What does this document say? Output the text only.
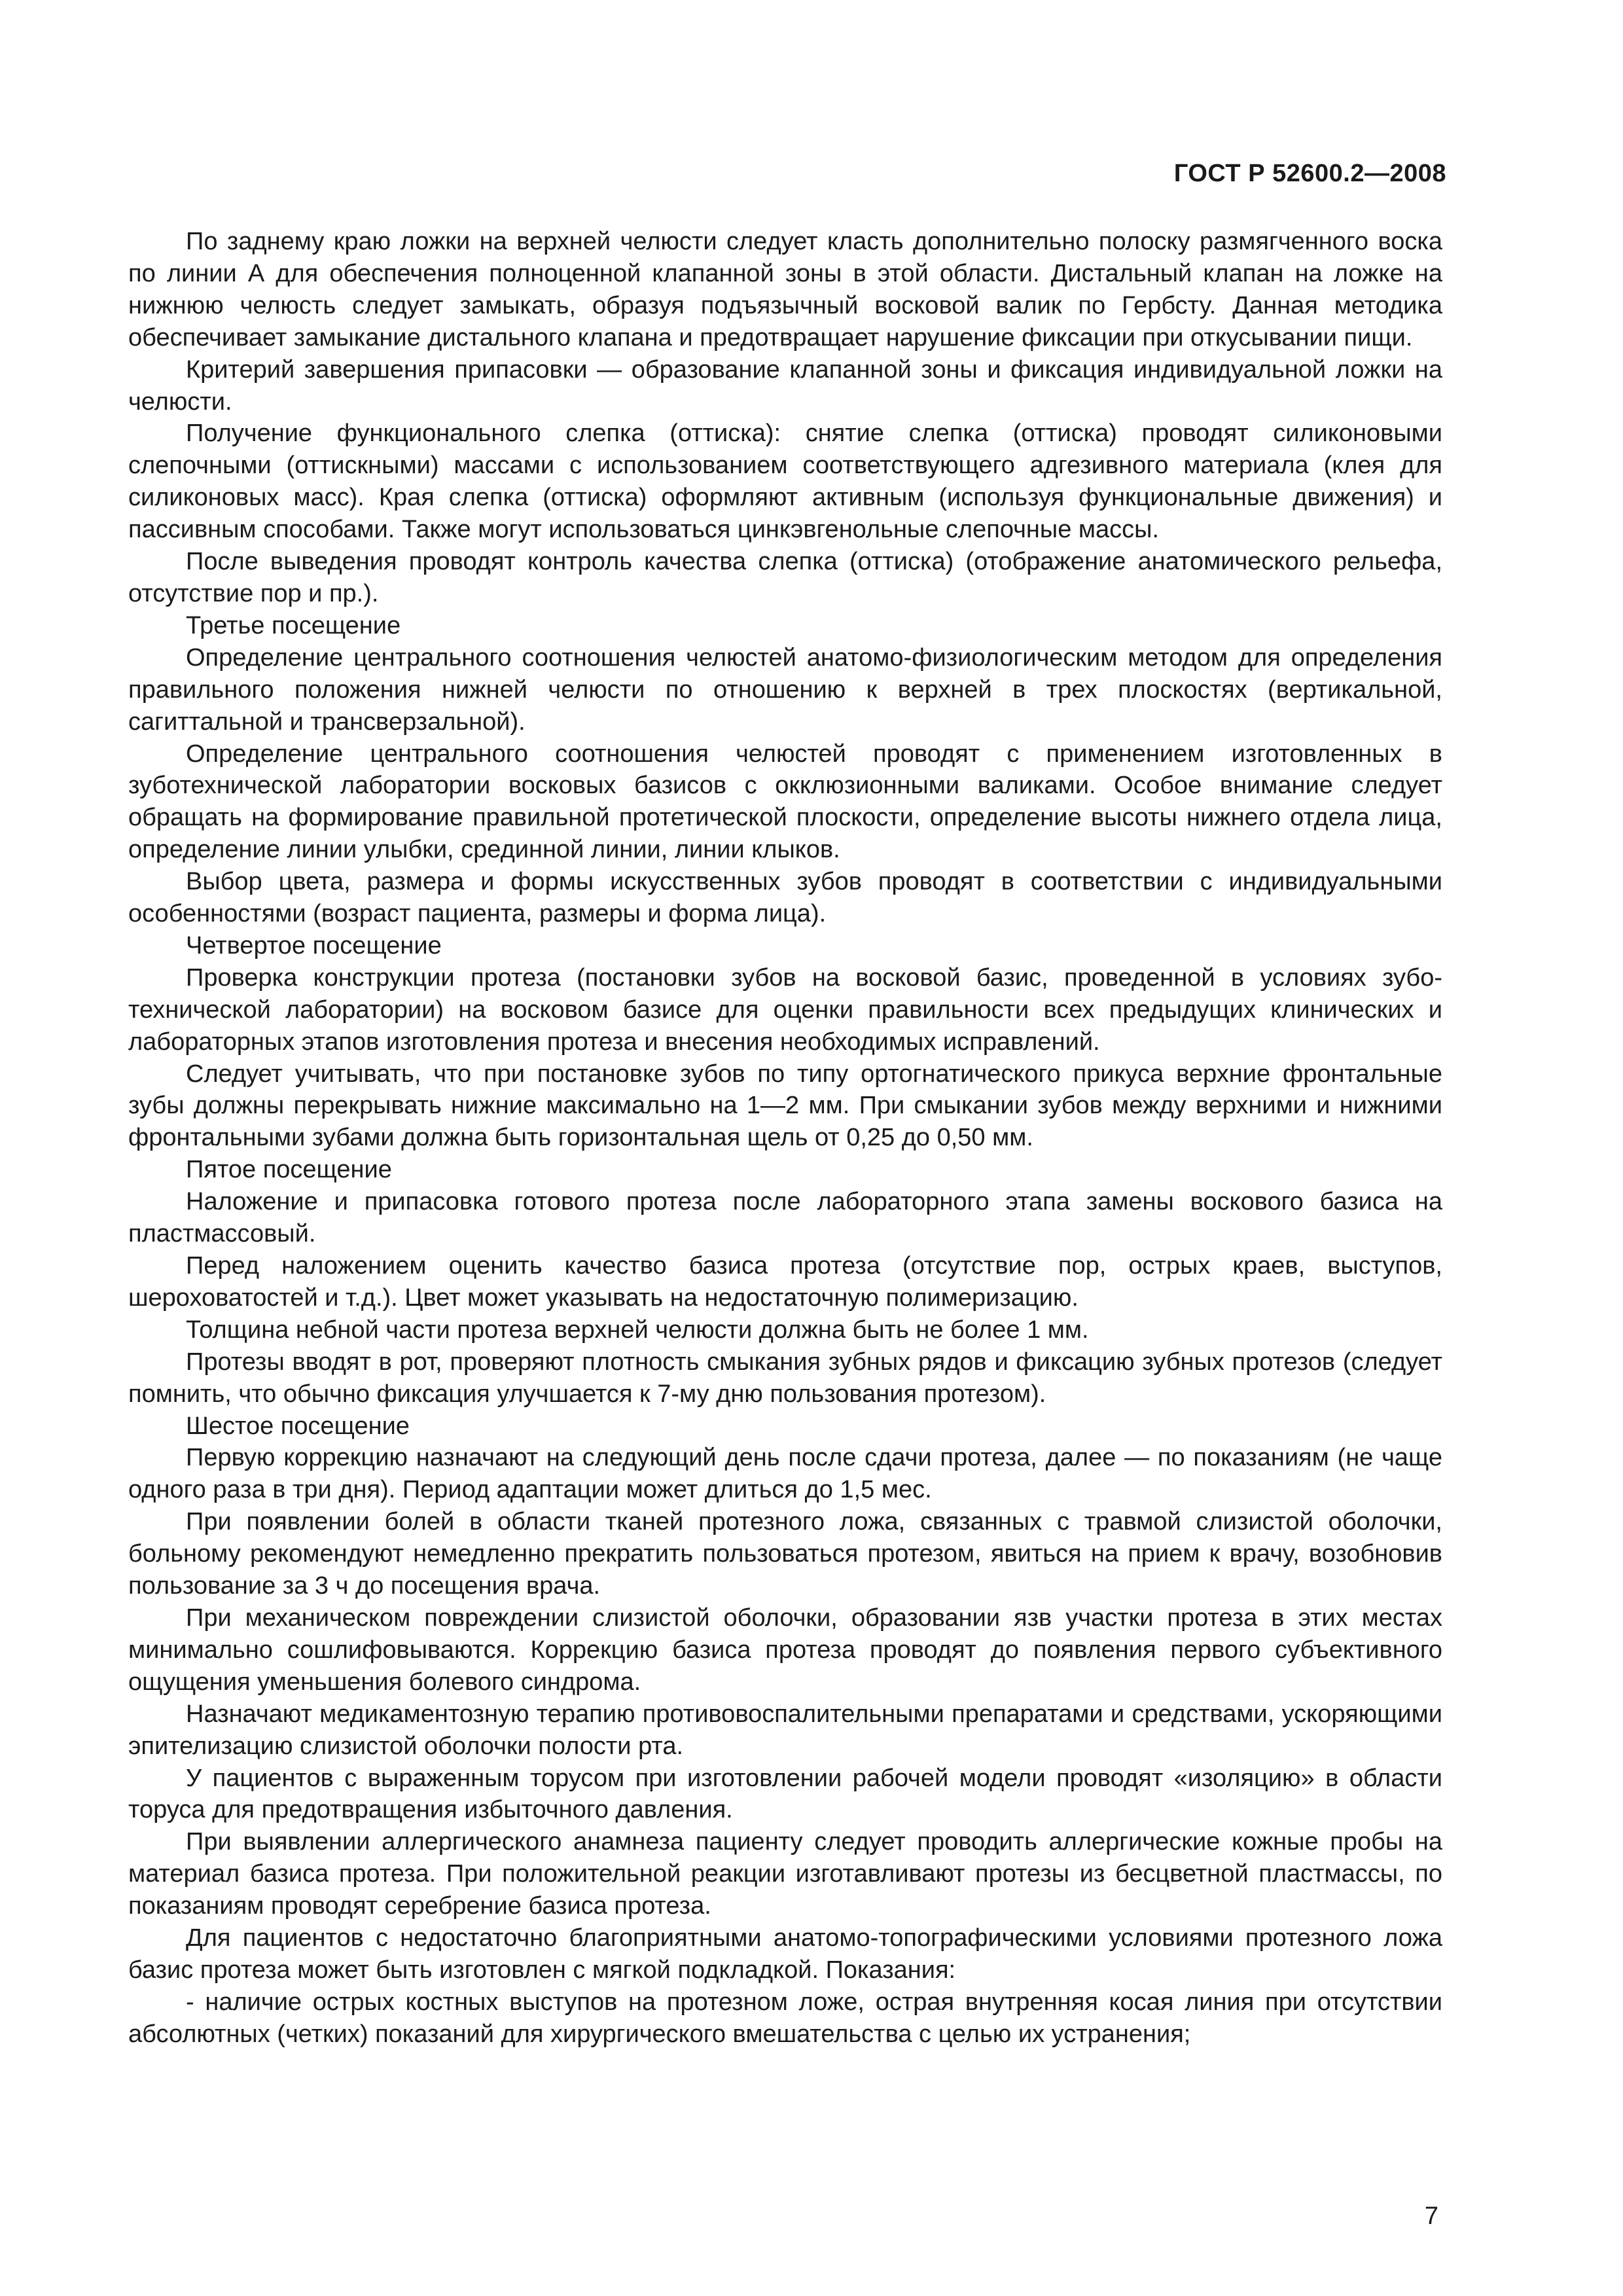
ГОСТ Р 52600.2—2008

По заднему краю ложки на верхней челюсти следует класть дополнительно полоску размягченного воска по линии А для обеспечения полноценной клапанной зоны в этой области. Дистальный клапан на ложке на нижнюю челюсть следует замыкать, образуя подъязычный восковой валик по Гербсту. Данная методика обеспечивает замыкание дистального клапана и предотвращает нарушение фиксации при откусывании пищи.

Критерий завершения припасовки — образование клапанной зоны и фиксация индивидуальной ложки на челюсти.

Получение функционального слепка (оттиска): снятие слепка (оттиска) проводят силиконовыми слепочными (оттискными) массами с использованием соответствующего адгезивного материала (клея для силиконовых масс). Края слепка (оттиска) оформляют активным (используя функциональные движения) и пассивным способами. Также могут использоваться цинкэвгенольные слепочные массы.

После выведения проводят контроль качества слепка (оттиска) (отображение анатомического рельефа, отсутствие пор и пр.).

Третье посещение

Определение центрального соотношения челюстей анатомо-физиологическим методом для определения правильного положения нижней челюсти по отношению к верхней в трех плоскостях (вертикальной, сагиттальной и трансверзальной).

Определение центрального соотношения челюстей проводят с применением изготовленных в зуботехнической лаборатории восковых базисов с окклюзионными валиками. Особое внимание следует обращать на формирование правильной протетической плоскости, определение высоты нижнего отдела лица, определение линии улыбки, срединной линии, линии клыков.

Выбор цвета, размера и формы искусственных зубов проводят в соответствии с индивидуальными особенностями (возраст пациента, размеры и форма лица).

Четвертое посещение

Проверка конструкции протеза (постановки зубов на восковой базис, проведенной в условиях зуботехнической лаборатории) на восковом базисе для оценки правильности всех предыдущих клинических и лабораторных этапов изготовления протеза и внесения необходимых исправлений.

Следует учитывать, что при постановке зубов по типу ортогнатического прикуса верхние фронтальные зубы должны перекрывать нижние максимально на 1—2 мм. При смыкании зубов между верхними и нижними фронтальными зубами должна быть горизонтальная щель от 0,25 до 0,50 мм.

Пятое посещение

Наложение и припасовка готового протеза после лабораторного этапа замены воскового базиса на пластмассовый.

Перед наложением оценить качество базиса протеза (отсутствие пор, острых краев, выступов, шероховатостей и т.д.). Цвет может указывать на недостаточную полимеризацию.

Толщина небной части протеза верхней челюсти должна быть не более 1 мм.

Протезы вводят в рот, проверяют плотность смыкания зубных рядов и фиксацию зубных протезов (следует помнить, что обычно фиксация улучшается к 7-му дню пользования протезом).

Шестое посещение

Первую коррекцию назначают на следующий день после сдачи протеза, далее — по показаниям (не чаще одного раза в три дня). Период адаптации может длиться до 1,5 мес.

При появлении болей в области тканей протезного ложа, связанных с травмой слизистой оболочки, больному рекомендуют немедленно прекратить пользоваться протезом, явиться на прием к врачу, возобновив пользование за 3 ч до посещения врача.

При механическом повреждении слизистой оболочки, образовании язв участки протеза в этих местах минимально сошлифовываются. Коррекцию базиса протеза проводят до появления первого субъективного ощущения уменьшения болевого синдрома.

Назначают медикаментозную терапию противовоспалительными препаратами и средствами, ускоряющими эпителизацию слизистой оболочки полости рта.

У пациентов с выраженным торусом при изготовлении рабочей модели проводят «изоляцию» в области торуса для предотвращения избыточного давления.

При выявлении аллергического анамнеза пациенту следует проводить аллергические кожные пробы на материал базиса протеза. При положительной реакции изготавливают протезы из бесцветной пластмассы, по показаниям проводят серебрение базиса протеза.

Для пациентов с недостаточно благоприятными анатомо-топографическими условиями протезного ложа базис протеза может быть изготовлен с мягкой подкладкой. Показания:

- наличие острых костных выступов на протезном ложе, острая внутренняя косая линия при отсутствии абсолютных (четких) показаний для хирургического вмешательства с целью их устранения;

7
